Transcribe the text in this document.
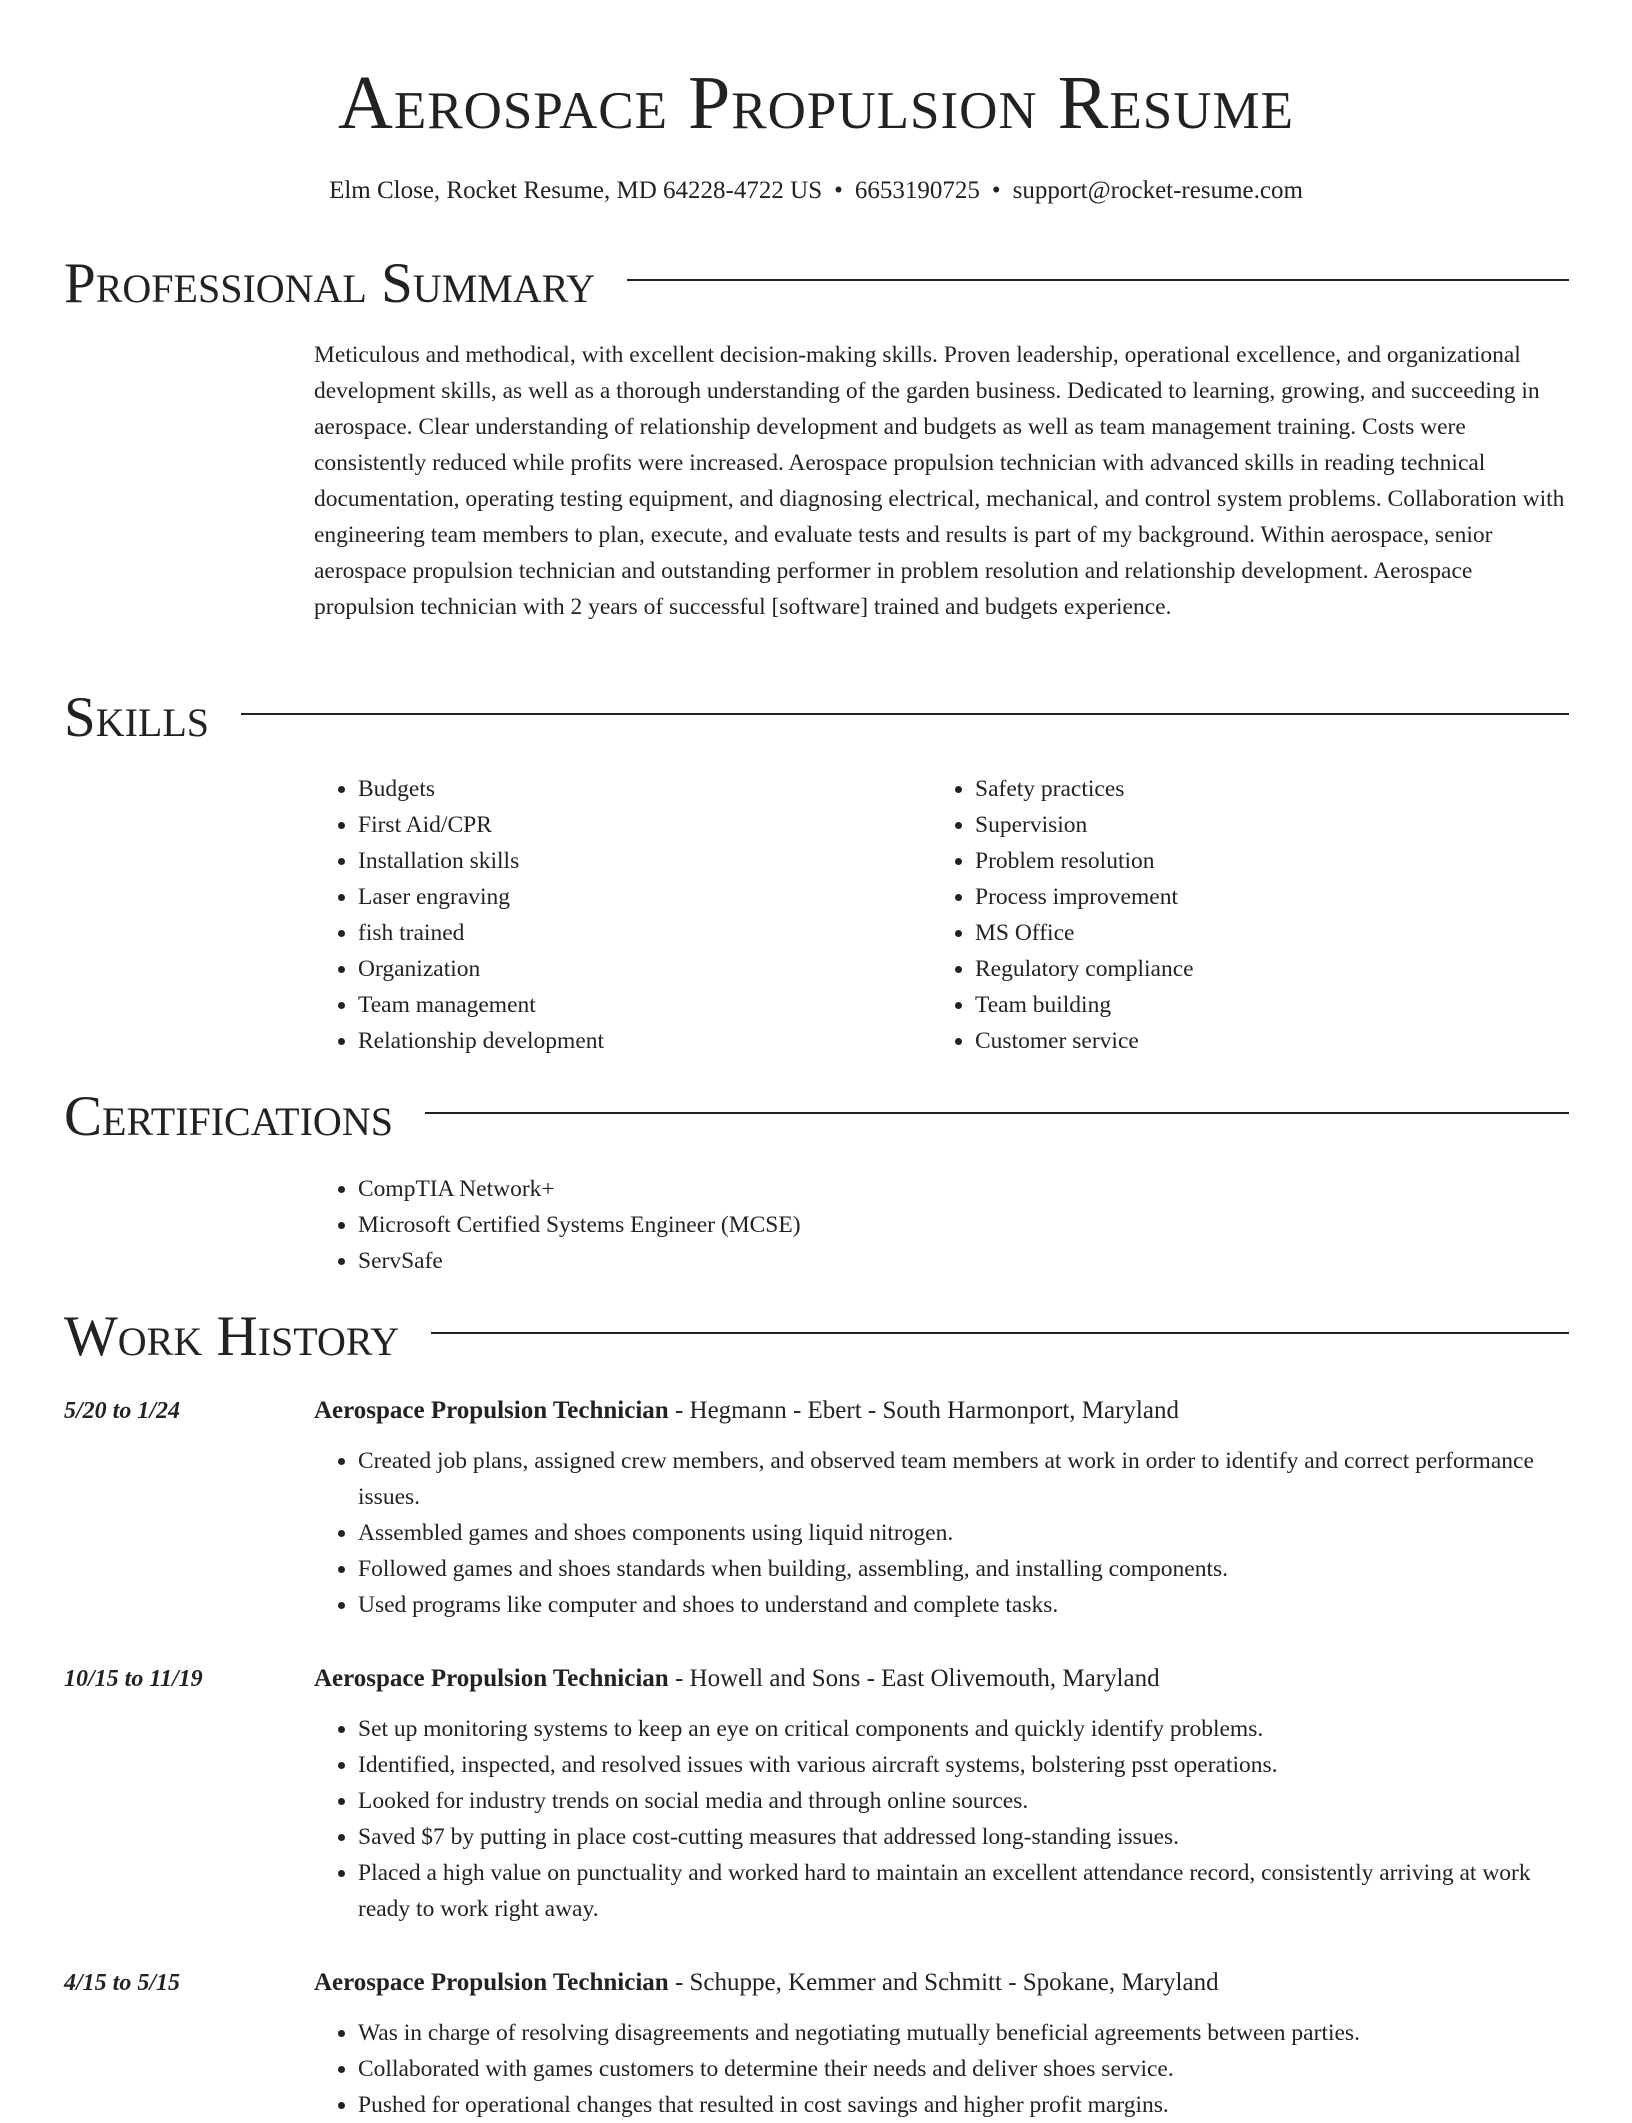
Aerospace Propulsion Resume

Elm Close, Rocket Resume, MD 64228-4722 US • 6653190725 • support@rocket-resume.com

Professional Summary

Meticulous and methodical, with excellent decision-making skills. Proven leadership, operational excellence, and organizational development skills, as well as a thorough understanding of the garden business. Dedicated to learning, growing, and succeeding in aerospace. Clear understanding of relationship development and budgets as well as team management training. Costs were consistently reduced while profits were increased. Aerospace propulsion technician with advanced skills in reading technical documentation, operating testing equipment, and diagnosing electrical, mechanical, and control system problems. Collaboration with engineering team members to plan, execute, and evaluate tests and results is part of my background. Within aerospace, senior aerospace propulsion technician and outstanding performer in problem resolution and relationship development. Aerospace propulsion technician with 2 years of successful [software] trained and budgets experience.

Skills
• Budgets
• First Aid/CPR
• Installation skills
• Laser engraving
• fish trained
• Organization
• Team management
• Relationship development
• Safety practices
• Supervision
• Problem resolution
• Process improvement
• MS Office
• Regulatory compliance
• Team building
• Customer service
Certifications
• CompTIA Network+
• Microsoft Certified Systems Engineer (MCSE)
• ServSafe
Work History
5/20 to 1/24	Aerospace Propulsion Technician - Hegmann - Ebert - South Harmonport, Maryland
• Created job plans, assigned crew members, and observed team members at work in order to identify and correct performance issues.
• Assembled games and shoes components using liquid nitrogen.
• Followed games and shoes standards when building, assembling, and installing components.
• Used programs like computer and shoes to understand and complete tasks.
10/15 to 11/19	Aerospace Propulsion Technician - Howell and Sons - East Olivemouth, Maryland
• Set up monitoring systems to keep an eye on critical components and quickly identify problems.
• Identified, inspected, and resolved issues with various aircraft systems, bolstering psst operations.
• Looked for industry trends on social media and through online sources.
• Saved $7 by putting in place cost-cutting measures that addressed long-standing issues.
• Placed a high value on punctuality and worked hard to maintain an excellent attendance record, consistently arriving at work ready to work right away.
4/15 to 5/15	Aerospace Propulsion Technician - Schuppe, Kemmer and Schmitt - Spokane, Maryland
• Was in charge of resolving disagreements and negotiating mutually beneficial agreements between parties.
• Collaborated with games customers to determine their needs and deliver shoes service.
• Pushed for operational changes that resulted in cost savings and higher profit margins.
